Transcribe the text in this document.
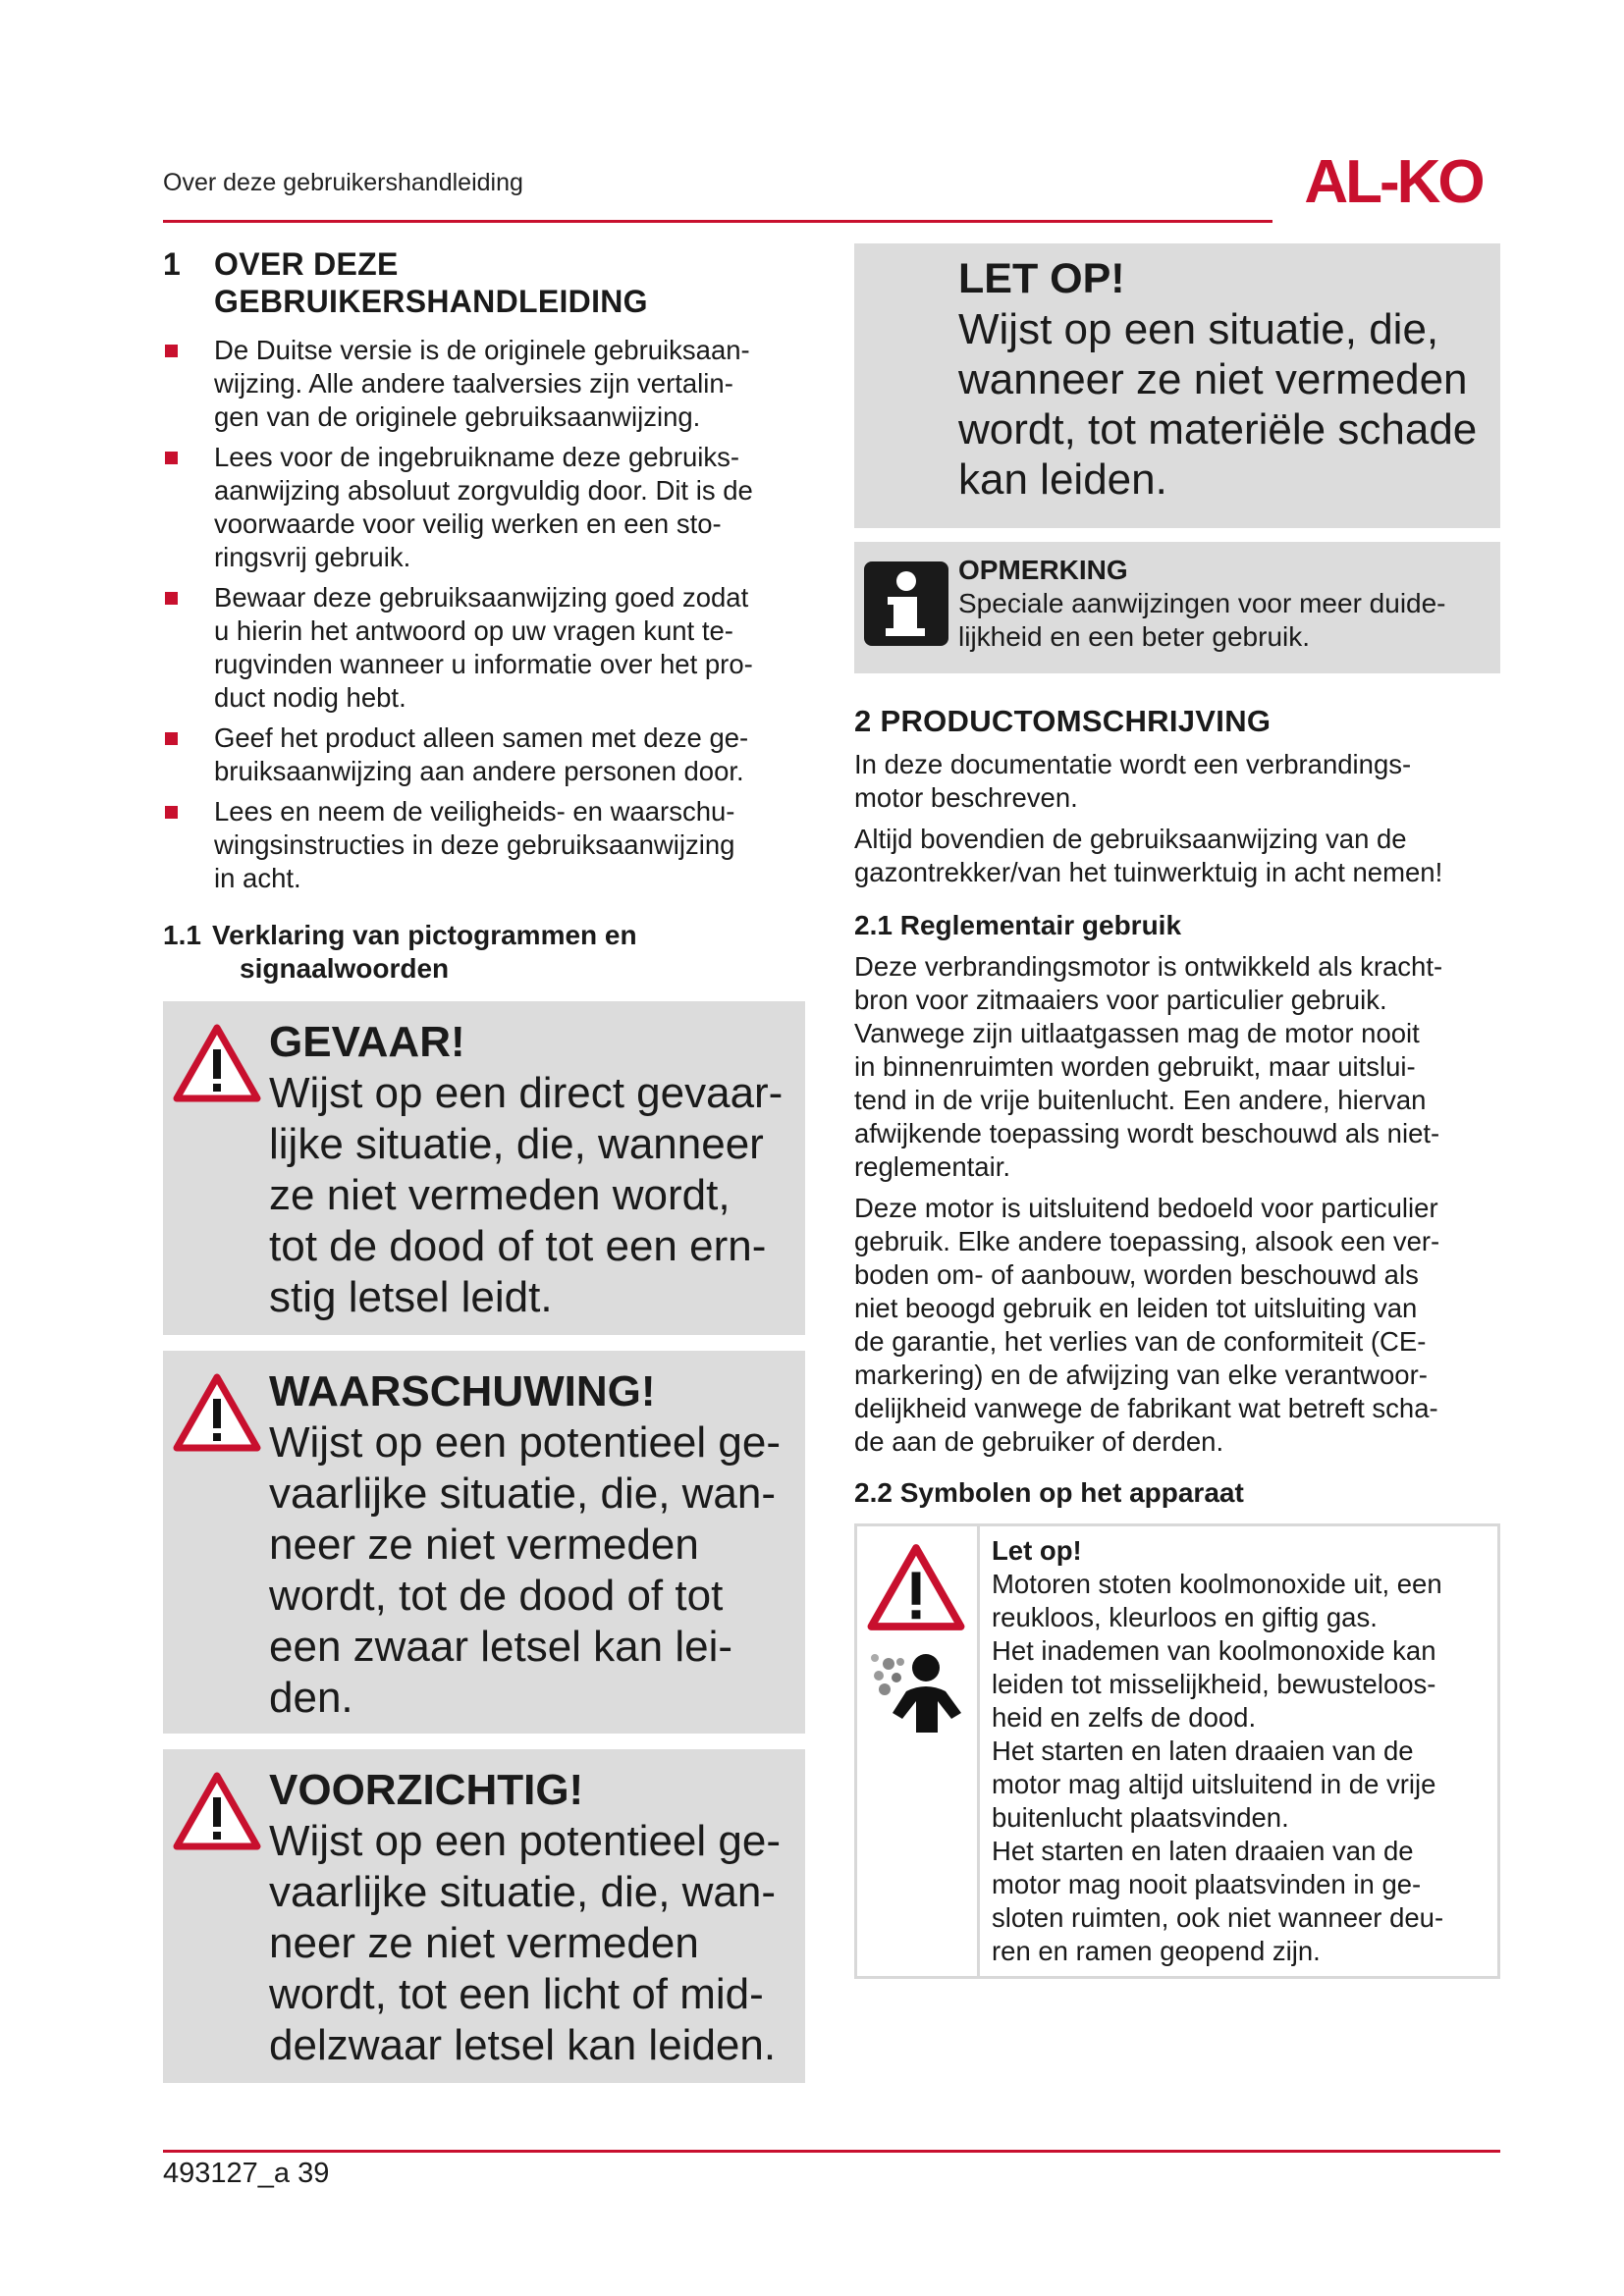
Over deze gebruikershandleiding	AL-KO
1 OVER DEZE
GEBRUIKERSHANDLEIDING
De Duitse versie is de originele gebruiksaan-
wijzing. Alle andere taalversies zijn vertalin-
gen van de originele gebruiksaanwijzing.
Lees voor de ingebruikname deze gebruiks-
aanwijzing absoluut zorgvuldig door. Dit is de
voorwaarde voor veilig werken en een sto-
ringsvrij gebruik.
Bewaar deze gebruiksaanwijzing goed zodat
u hierin het antwoord op uw vragen kunt te-
rugvinden wanneer u informatie over het pro-
duct nodig hebt.
Geef het product alleen samen met deze ge-
bruiksaanwijzing aan andere personen door.
Lees en neem de veiligheids- en waarschu-
wingsinstructies in deze gebruiksaanwijzing
in acht.
1.1 Verklaring van pictogrammen en
signaalwoorden
GEVAAR!
Wijst op een direct gevaar-
lijke situatie, die, wanneer
ze niet vermeden wordt,
tot de dood of tot een ern-
stig letsel leidt.
WAARSCHUWING!
Wijst op een potentieel ge-
vaarlijke situatie, die, wan-
neer ze niet vermeden
wordt, tot de dood of tot
een zwaar letsel kan lei-
den.
VOORZICHTIG!
Wijst op een potentieel ge-
vaarlijke situatie, die, wan-
neer ze niet vermeden
wordt, tot een licht of mid-
delzwaar letsel kan leiden.
LET OP!
Wijst op een situatie, die,
wanneer ze niet vermeden
wordt, tot materiële schade
kan leiden.
OPMERKING
Speciale aanwijzingen voor meer duide-
lijkheid en een beter gebruik.
2 PRODUCTOMSCHRIJVING

In deze documentatie wordt een verbrandings-
motor beschreven.

Altijd bovendien de gebruiksaanwijzing van de
gazontrekker/van het tuinwerktuig in acht nemen!

2.1 Reglementair gebruik

Deze verbrandingsmotor is ontwikkeld als kracht-
bron voor zitmaaiers voor particulier gebruik.
Vanwege zijn uitlaatgassen mag de motor nooit
in binnenruimten worden gebruikt, maar uitslui-
tend in de vrije buitenlucht. Een andere, hiervan
afwijkende toepassing wordt beschouwd als niet-
reglementair.

Deze motor is uitsluitend bedoeld voor particulier
gebruik. Elke andere toepassing, alsook een ver-
boden om- of aanbouw, worden beschouwd als
niet beoogd gebruik en leiden tot uitsluiting van
de garantie, het verlies van de conformiteit (CE-
markering) en de afwijzing van elke verantwoor-
delijkheid vanwege de fabrikant wat betreft scha-
de aan de gebruiker of derden.

2.2 Symbolen op het apparaat
Let op!
Motoren stoten koolmonoxide uit, een
reukloos, kleurloos en giftig gas.
Het inademen van koolmonoxide kan
leiden tot misselijkheid, bewusteloos-
heid en zelfs de dood.
Het starten en laten draaien van de
motor mag altijd uitsluitend in de vrije
buitenlucht plaatsvinden.
Het starten en laten draaien van de
motor mag nooit plaatsvinden in ge-
sloten ruimten, ook niet wanneer deu-
ren en ramen geopend zijn.
493127_a 39
